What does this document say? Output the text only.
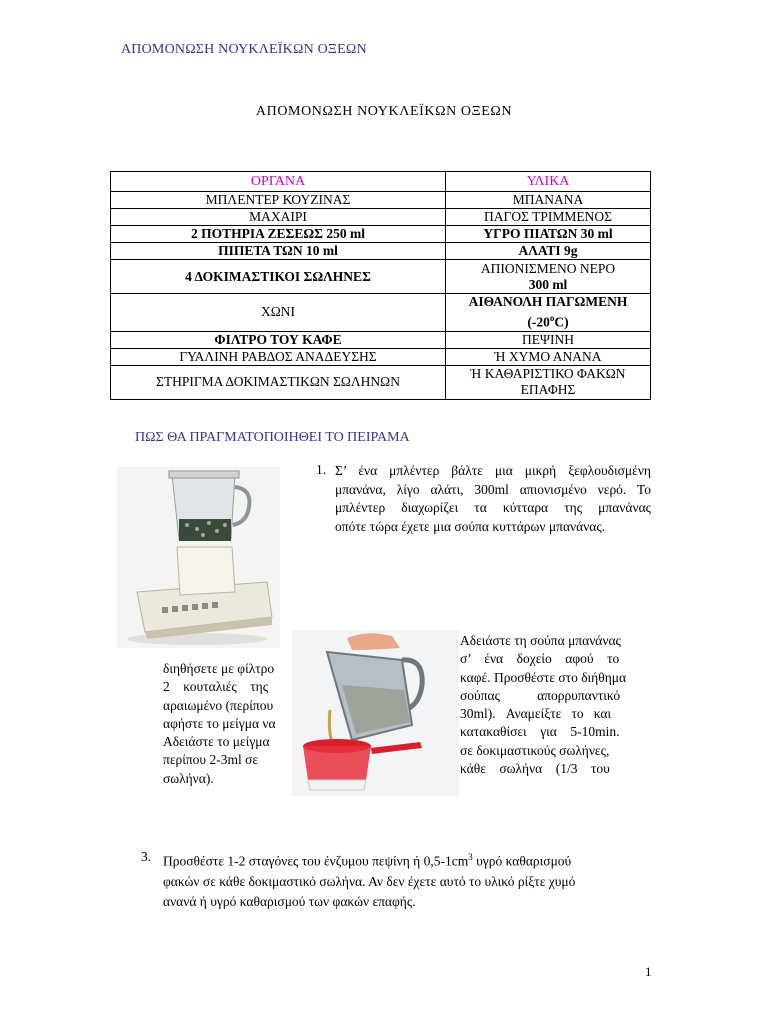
ΑΠΟΜΟΝΩΣΗ ΝΟΥΚΛΕΪΚΩΝ ΟΞΕΩΝ
ΑΠΟΜΟΝΩΣΗ ΝΟΥΚΛΕΪΚΩΝ ΟΞΕΩΝ
ΟΡΓΑΝΑ	ΥΛΙΚΑ
ΜΠΛΕΝΤΕΡ ΚΟΥΖΙΝΑΣ	ΜΠΑΝΑΝΑ
ΜΑΧΑΙΡΙ	ΠΑΓΟΣ ΤΡΙΜΜΕΝΟΣ
2 ΠΟΤΗΡΙΑ ΖΕΣΕΩΣ 250 ml	ΥΓΡΟ ΠΙΑΤΩΝ 30 ml
ΠΙΠΕΤΑ ΤΩΝ 10 ml	ΑΛΑΤΙ 9g
4 ΔΟΚΙΜΑΣΤΙΚΟΙ ΣΩΛΗΝΕΣ	ΑΠΙΟΝΙΣΜΕΝΟ ΝΕΡΟ
300 ml

ΧΩΝΙ	ΑΙΘΑΝΟΛΗ ΠΑΓΩΜΕΝΗ
(-20$^o$C)

ΦΙΛΤΡΟ ΤΟΥ ΚΑΦΕ	ΠΕΨΙΝΗ
ΓΥΑΛΙΝΗ ΡΑΒΔΟΣ ΑΝΑΔΕΥΣΗΣ	Ή ΧΥΜΟ ΑΝΑΝΑ
ΣΤΗΡΙΓΜΑ ΔΟΚΙΜΑΣΤΙΚΩΝ ΣΩΛΗΝΩΝ	Ή ΚΑΘΑΡΙΣΤΙΚΟ ΦΑΚΩΝ
ΕΠΑΦΗΣ
ΠΩΣ ΘΑ ΠΡΑΓΜΑΤΟΠΟΙΗΘΕΙ ΤΟ ΠΕΙΡΑΜΑ
1. Σ’ ένα μπλέντερ βάλτε μια μικρή ξεφλουδισμένη
μπανάνα, λίγο αλάτι, 300ml απιονισμένο νερό. Το
μπλέντερ διαχωρίζει τα κύτταρα της μπανάνας
οπότε τώρα έχετε μια σούπα κυττάρων μπανάνας.
διηθήσετε με φίλτρο
2    κουταλιές    της
αραιωμένο (περίπου
αφήστε το μείγμα να
Αδειάστε το μείγμα
περίπου 2-3ml σε
σωλήνα).
Αδειάστε τη σούπα μπανάνας
σ’    ένα    δοχείο    αφού    το
καφέ. Προσθέστε στο διήθημα
σούπας           απορρυπαντικό
30ml).   Αναμείξτε   το   και
κατακαθίσει    για    5-10min.
σε δοκιμαστικούς σωλήνες,
κάθε    σωλήνα    (1/3    του
3. Προσθέστε 1-2 σταγόνες του ένζυμου πεψίνη ή $0,5-1cm^3$ υγρό καθαρισμού
φακών σε κάθε δοκιμαστικό σωλήνα. Αν δεν έχετε αυτό το υλικό ρίξτε χυμό
ανανά ή υγρό καθαρισμού των φακών επαφής.
1
